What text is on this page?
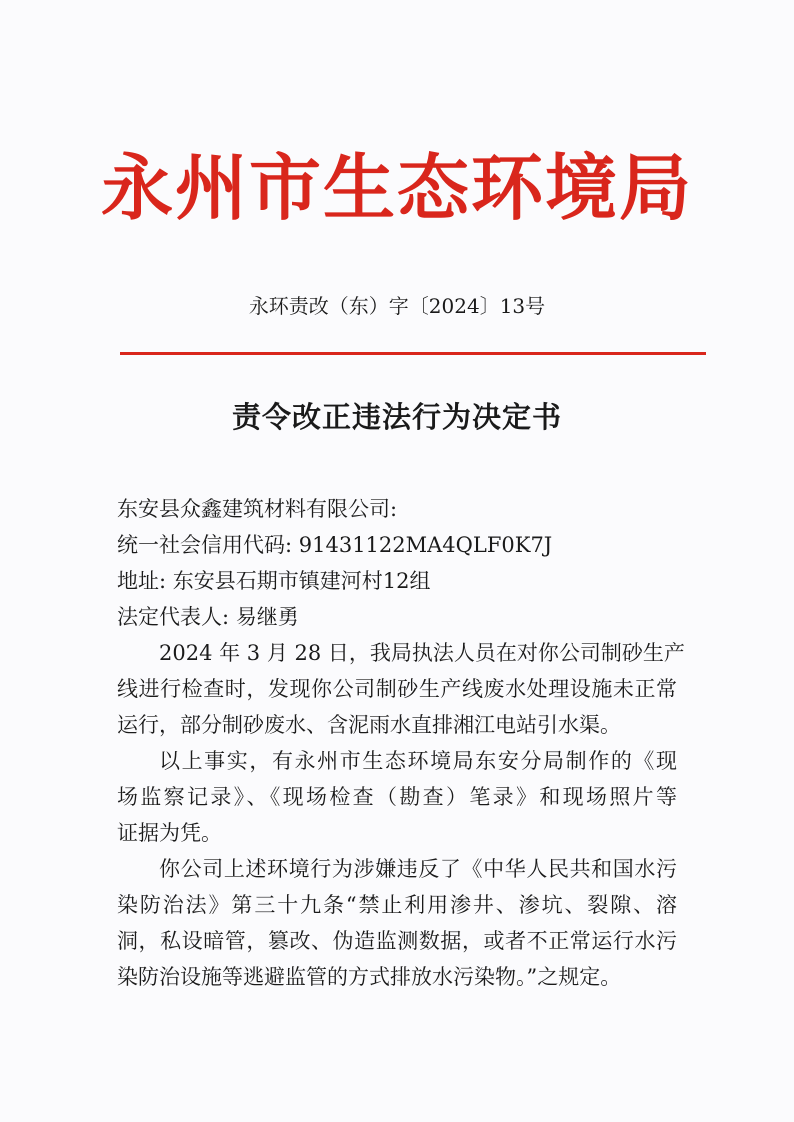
永州市生态环境局
永环责改（东）字〔2024〕13号
责令改正违法行为决定书
东安县众鑫建筑材料有限公司:
统一社会信用代码: 91431122MA4QLF0K7J
地址: 东安县石期市镇建河村12组
法定代表人: 易继勇

2024 年 3 月 28 日，我局执法人员在对你公司制砂生产
线进行检查时，发现你公司制砂生产线废水处理设施未正常
运行，部分制砂废水、含泥雨水直排湘江电站引水渠。

以上事实，有永州市生态环境局东安分局制作的《现
场监察记录》、《现场检查（勘查）笔录》和现场照片等
证据为凭。

你公司上述环境行为涉嫌违反了《中华人民共和国水污
染防治法》第三十九条“禁止利用渗井、渗坑、裂隙、溶
洞，私设暗管，篡改、伪造监测数据，或者不正常运行水污
染防治设施等逃避监管的方式排放水污染物。”之规定。
